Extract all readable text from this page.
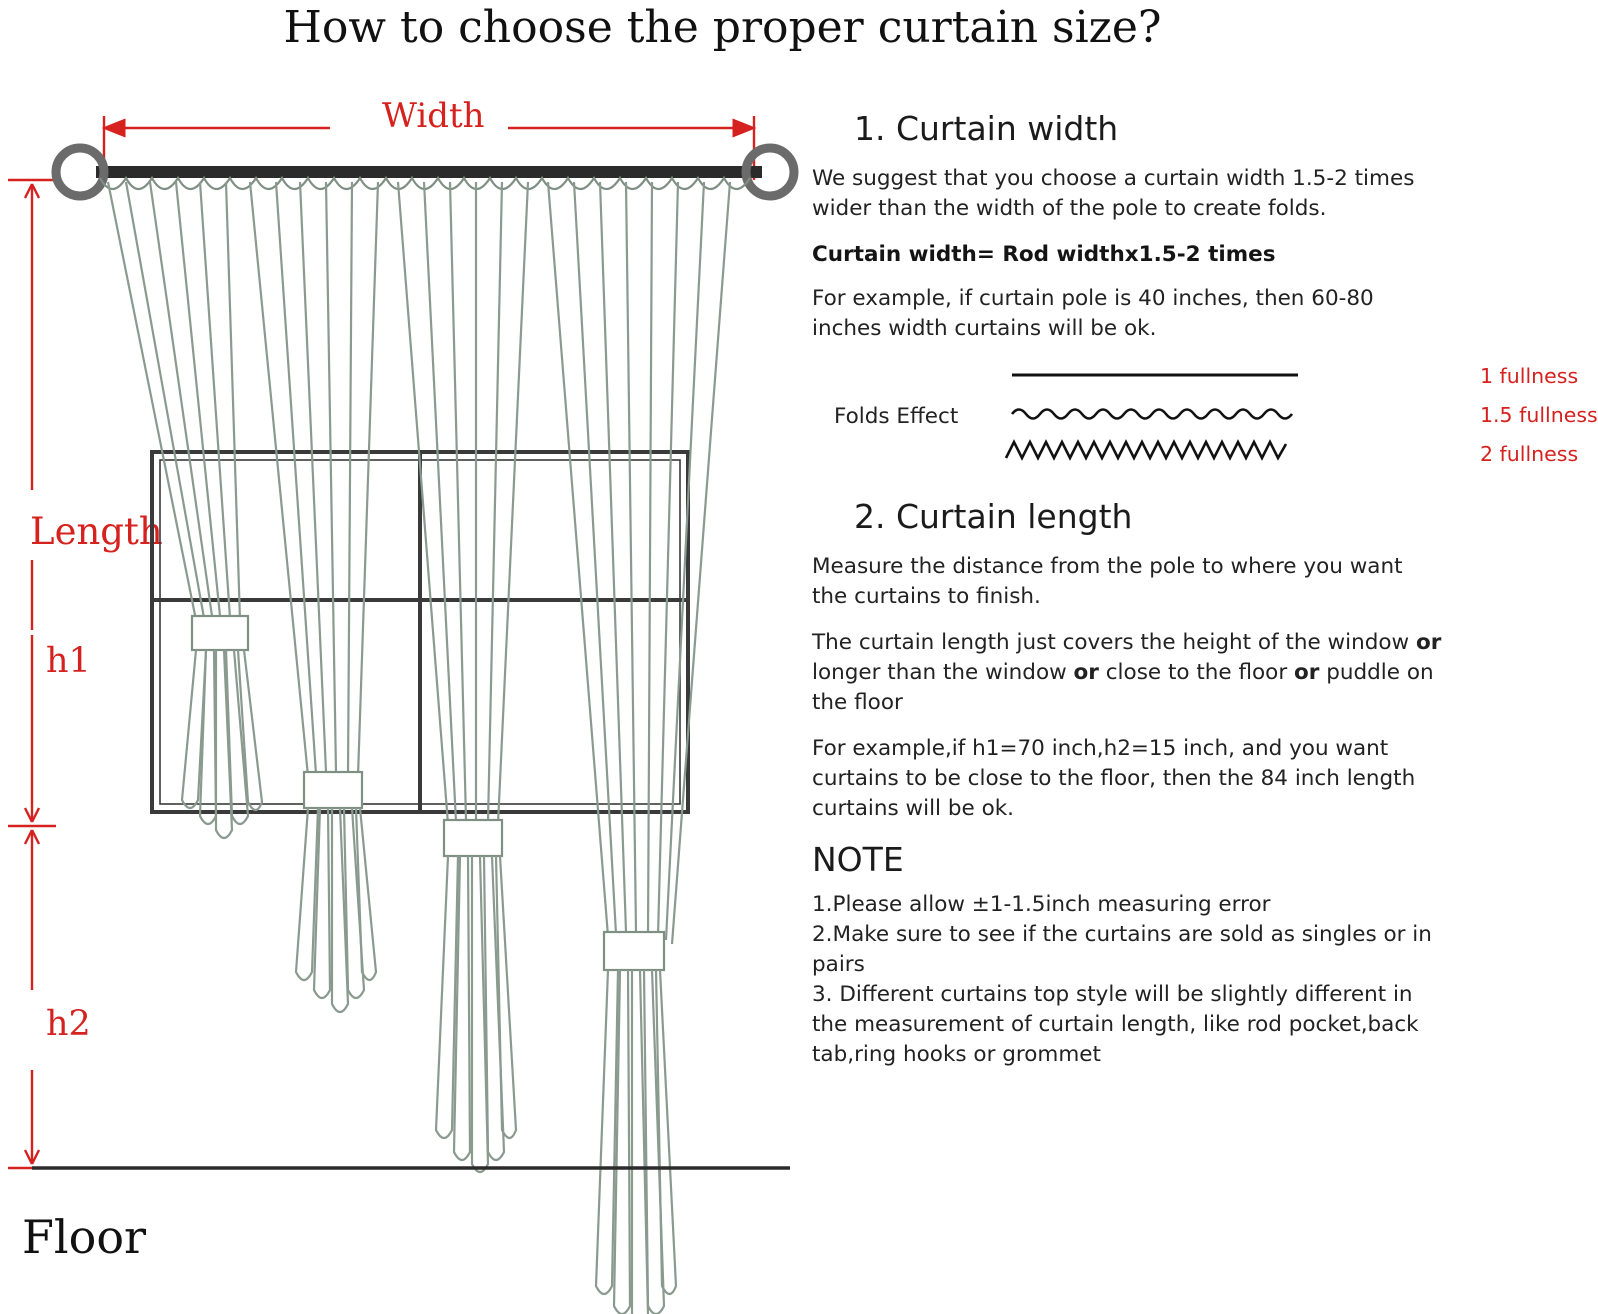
How to choose the proper curtain size?
Length
h1
h2
Floor
Width	1. Curtain width

We suggest that you choose a curtain width 1.5-2 times wider than the width of the pole to create folds.

Curtain width= Rod widthx1.5-2 times

For example, if curtain pole is 40 inches, then 60-80 inches width curtains will be ok.

Folds Effect
1 fullness
1.5 fullness
2 fullness
2. Curtain length

Measure the distance from the pole to where you want the curtains to finish.

The curtain length just covers the height of the window or longer than the window or close to the floor or puddle on the floor

For example,if h1=70 inch,h2=15 inch, and you want curtains to be close to the floor, then the 84 inch length curtains will be ok.

NOTE

1.Please allow ±1-1.5inch measuring error

2.Make sure to see if the curtains are sold as singles or in pairs

3. Different curtains top style will be slightly different in the measurement of curtain length, like rod pocket,back tab,ring hooks or grommet
